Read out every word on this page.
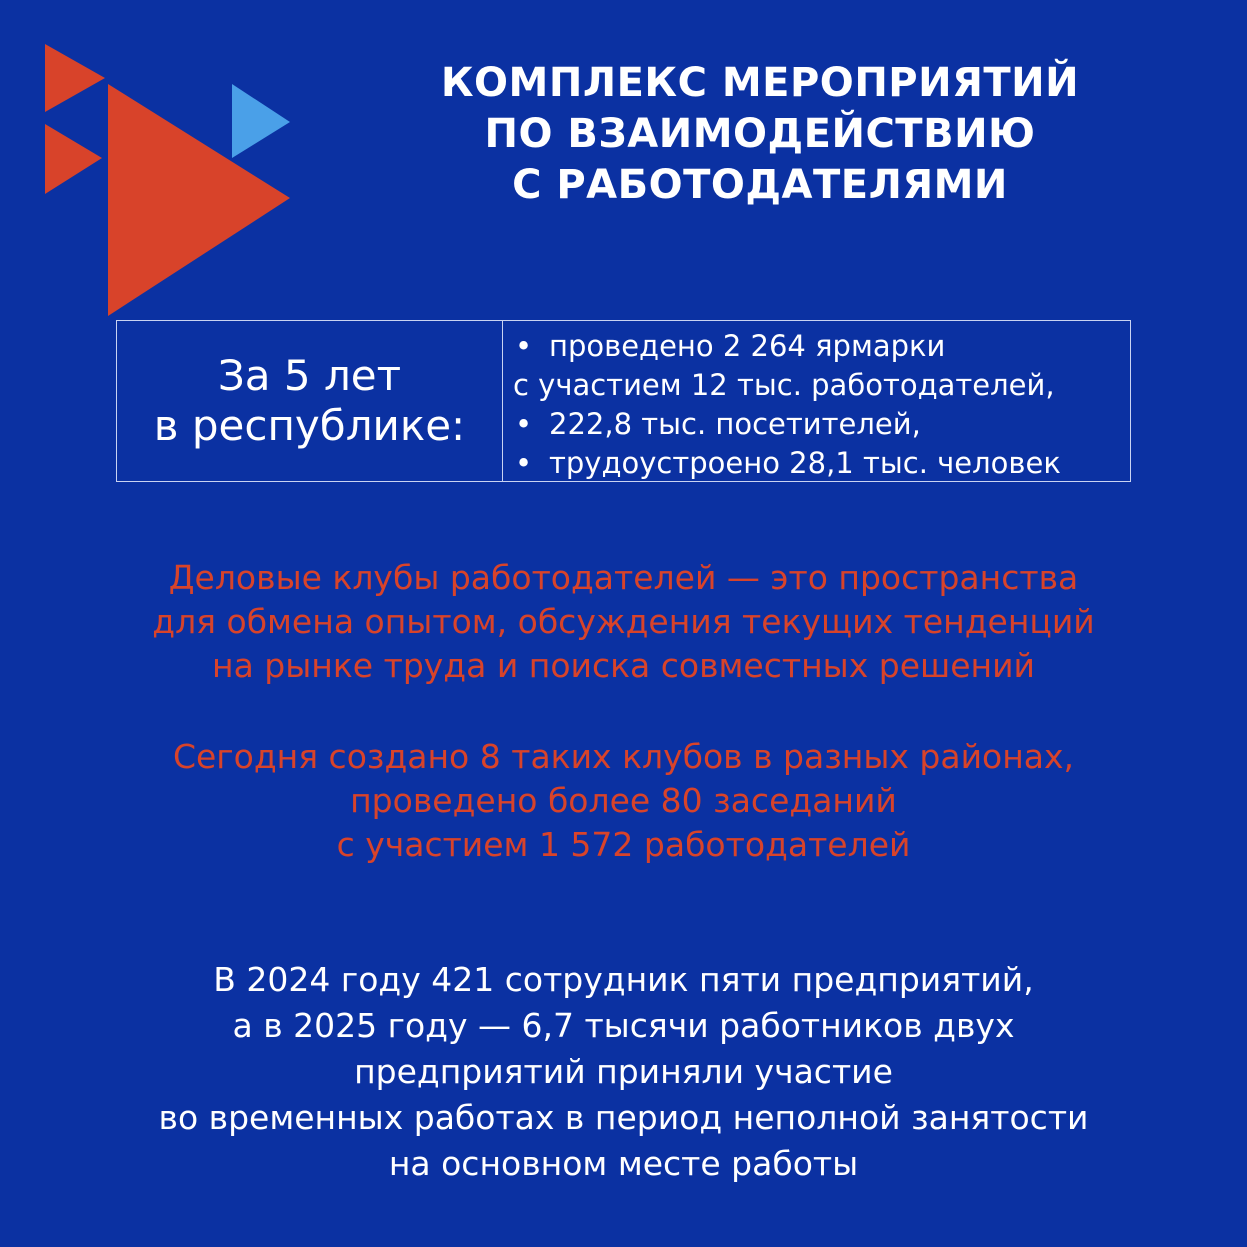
КОМПЛЕКС МЕРОПРИЯТИЙ
ПО ВЗАИМОДЕЙСТВИЮ
С РАБОТОДАТЕЛЯМИ
За 5 лет
в республике:
• проведено 2 264 ярмарки
с участием 12 тыс. работодателей,
• 222,8 тыс. посетителей,
• трудоустроено 28,1 тыс. человек
Деловые клубы работодателей — это пространства
для обмена опытом, обсуждения текущих тенденций
на рынке труда и поиска совместных решений
Сегодня создано 8 таких клубов в разных районах,
проведено более 80 заседаний
с участием 1 572 работодателей
В 2024 году 421 сотрудник пяти предприятий,
а в 2025 году — 6,7 тысячи работников двух
предприятий приняли участие
во временных работах в период неполной занятости
на основном месте работы
